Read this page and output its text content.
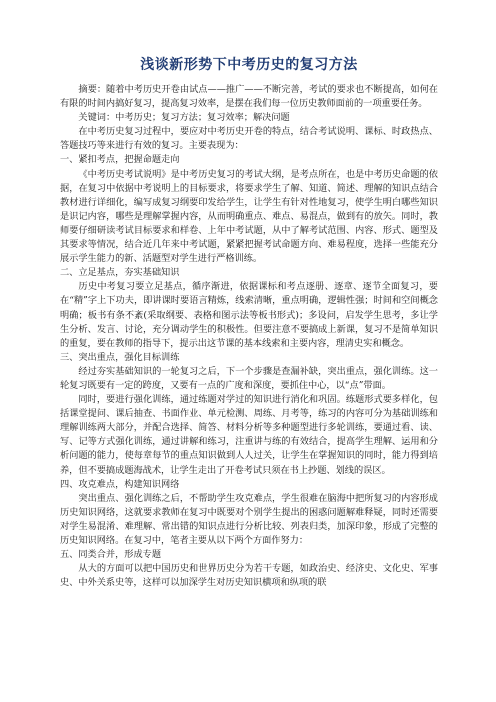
浅谈新形势下中考历史的复习方法

摘要：随着中考历史开卷由试点——推广——不断完善，考试的要求也不断提高，如何在有限的时间内搞好复习，提高复习效率，是摆在我们每一位历史教师面前的一项重要任务。

关键词：中考历史；复习方法；复习效率；解决问题

在中考历史复习过程中，要应对中考历史开卷的特点，结合考试说明、课标、时政热点、答题技巧等来进行有效的复习。主要表现为：

一、紧扣考点，把握命题走向

《中考历史考试说明》是中考历史复习的考试大纲，是考点所在，也是中考历史命题的依据，在复习中依据中考说明上的目标要求，将要求学生了解、知道、简述、理解的知识点结合教材进行详细化，编写成复习纲要印发给学生，让学生有针对性地复习，使学生明白哪些知识是识记内容，哪些是理解掌握内容，从而明确重点、难点、易混点，做到有的放矢。同时，教师要仔细研读考试目标要求和样卷、上年中考试题，从中了解考试范围、内容、形式、题型及其要求等情况，结合近几年来中考试题，紧紧把握考试命题方向、难易程度，选择一些能充分展示学生能力的新、活题型对学生进行严格训练。

二、立足基点，夯实基础知识

历史中考复习要立足基点，循序渐进，依据课标和考点逐册、逐章、逐节全面复习，要在“精”字上下功夫，即讲课时要语言精炼，线索清晰，重点明确，逻辑性强；时间和空间概念明确；板书有条不紊(采取纲要、表格和图示法等板书形式)；多设问，启发学生思考，多让学生分析、发言、讨论，充分调动学生的积极性。但要注意不要搞成上新课，复习不是简单知识的重复，要在教师的指导下，提示出这节课的基本线索和主要内容，理清史实和概念。

三、突出重点，强化目标训练

经过夯实基础知识的一轮复习之后，下一个步骤是查漏补缺，突出重点，强化训练。这一轮复习既要有一定的跨度，又要有一点的广度和深度，要抓住中心，以“点”带面。

同时，要进行强化训练，通过练题对学过的知识进行消化和巩固。练题形式要多样化，包括课堂提问、课后抽查、书面作业、单元检测、周练、月考等，练习的内容可分为基础训练和理解训练两大部分，并配合选择、简答、材料分析等多种题型进行多轮训练，要通过看、读、写、记等方式强化训练，通过讲解和练习，注重讲与练的有效结合，提高学生理解、运用和分析问题的能力，使每章每节的重点知识做到人人过关，让学生在掌握知识的同时，能力得到培养，但不要搞成题海战术，让学生走出了开卷考试只须在书上抄题、划线的误区。

四、攻克难点，构建知识网络

突出重点、强化训练之后，不帮助学生攻克难点，学生很难在脑海中把所复习的内容形成历史知识网络，这就要求教师在复习中既要对个别学生提出的困惑问题解难释疑，同时还需要对学生易混淆、难理解、常出错的知识点进行分析比较、列表归类，加深印象，形成了完整的历史知识网络。在复习中，笔者主要从以下两个方面作努力：

五、同类合并，形成专题

从大的方面可以把中国历史和世界历史分为若干专题，如政治史、经济史、文化史、军事史、中外关系史等，这样可以加深学生对历史知识横项和纵项的联
